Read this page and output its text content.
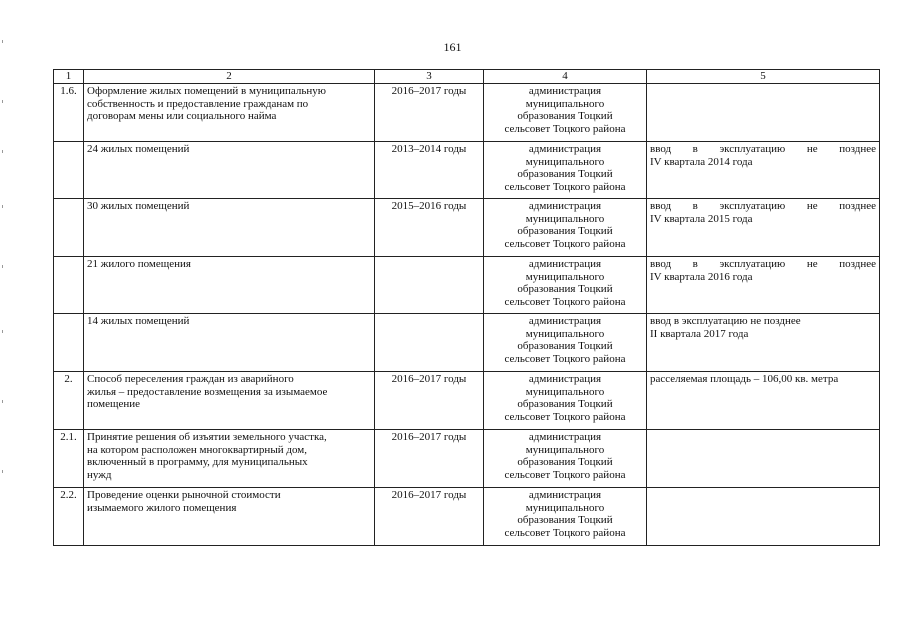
161
1	2	3	4	5
1.6.	Оформление жилых помещений в муниципальную
собственность и предоставление гражданам по
договорам мены или социального найма	2016–2017 годы	администрация
муниципального
образования Тоцкий
сельсовет Тоцкого района	

	24 жилых помещений	2013–2014 годы	администрация
муниципального
образования Тоцкий
сельсовет Тоцкого района	ввод в эксплуатацию не позднее
IV квартала 2014 года

	30 жилых помещений	2015–2016 годы	администрация
муниципального
образования Тоцкий
сельсовет Тоцкого района	ввод в эксплуатацию не позднее
IV квартала 2015 года

	21 жилого помещения		администрация
муниципального
образования Тоцкий
сельсовет Тоцкого района	ввод в эксплуатацию не позднее
IV квартала 2016 года

	14 жилых помещений		администрация
муниципального
образования Тоцкий
сельсовет Тоцкого района	ввод в эксплуатацию не позднее
II квартала 2017 года

2.	Способ переселения граждан из аварийного
жилья – предоставление возмещения за изымаемое
помещение	2016–2017 годы	администрация
муниципального
образования Тоцкий
сельсовет Тоцкого района	расселяемая площадь – 106,00 кв. метра

2.1.	Принятие решения об изъятии земельного участка,
на котором расположен многоквартирный дом,
включенный в программу, для муниципальных
нужд	2016–2017 годы	администрация
муниципального
образования Тоцкий
сельсовет Тоцкого района	

2.2.	Проведение оценки рыночной стоимости
изымаемого жилого помещения	2016–2017 годы	администрация
муниципального
образования Тоцкий
сельсовет Тоцкого района	
